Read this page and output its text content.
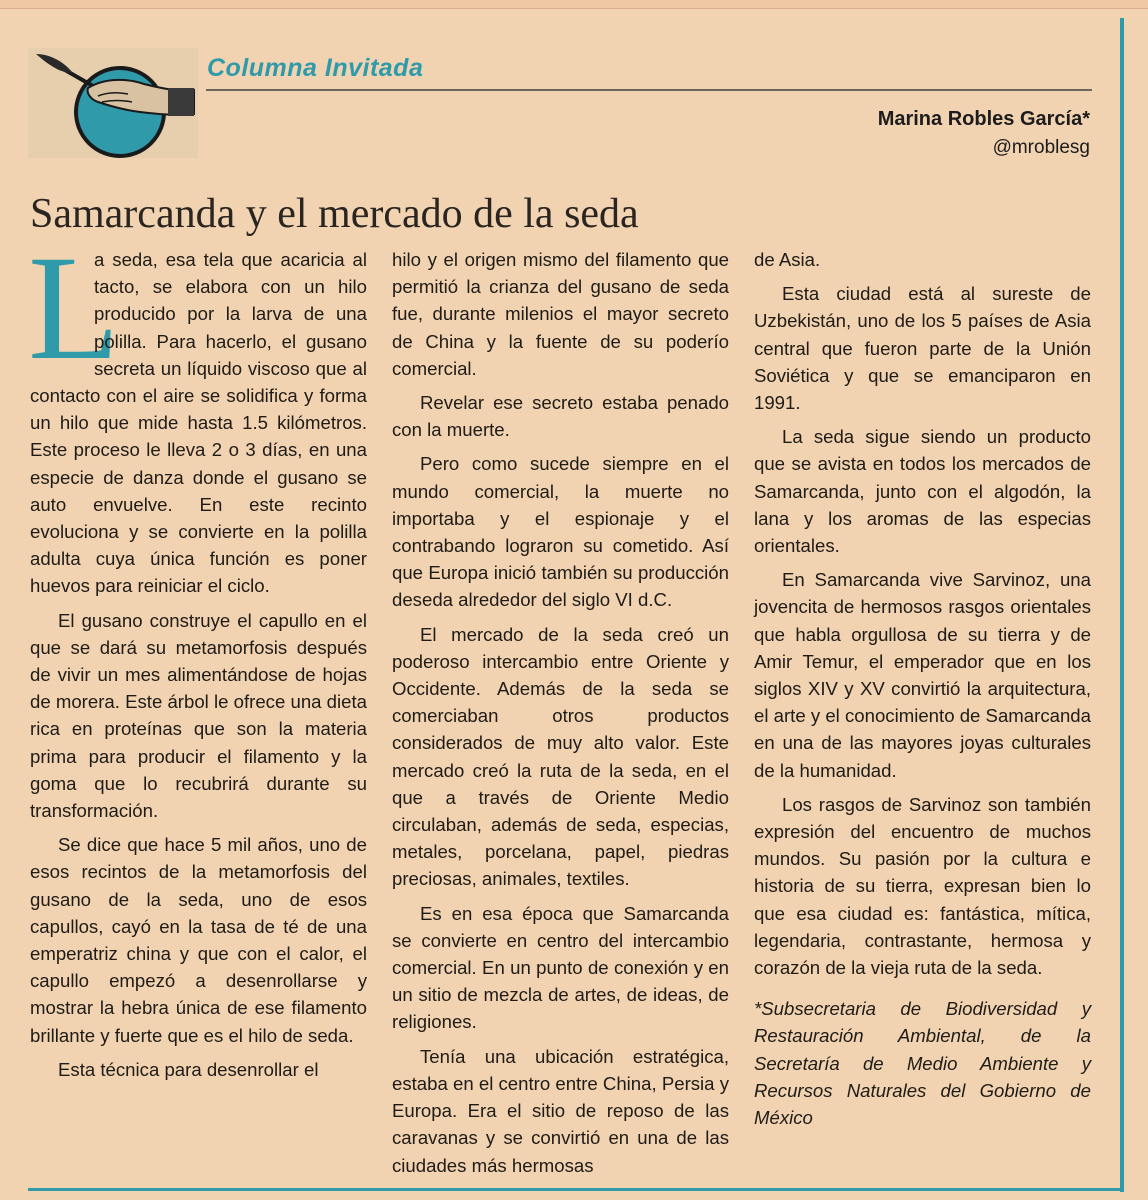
Columna Invitada

Marina Robles García*

@mroblesg

Samarcanda y el mercado de la seda

L
a seda, esa tela que acaricia al tacto, se elabora con un hilo producido por la larva de una polilla. Para hacerlo, el gusano secreta un líquido viscoso que al contacto con el aire se solidifica y forma un hilo que mide hasta 1.5 kilómetros. Este proceso le lleva 2 o 3 días, en una especie de danza donde el gusano se auto envuelve. En este recinto evoluciona y se convierte en la polilla adulta cuya única función es poner huevos para reiniciar el ciclo.

El gusano construye el capullo en el que se dará su metamorfosis después de vivir un mes alimentándose de hojas de morera. Este árbol le ofrece una dieta rica en proteínas que son la materia prima para producir el filamento y la goma que lo recubrirá durante su transformación.

Se dice que hace 5 mil años, uno de esos recintos de la metamorfosis del gusano de la seda, uno de esos capullos, cayó en la tasa de té de una emperatriz china y que con el calor, el capullo empezó a desenrollarse y mostrar la hebra única de ese filamento brillante y fuerte que es el hilo de seda.

Esta técnica para desenrollar el

hilo y el origen mismo del filamento que permitió la crianza del gusano de seda fue, durante milenios el mayor secreto de China y la fuente de su poderío comercial.

Revelar ese secreto estaba penado con la muerte.

Pero como sucede siempre en el mundo comercial, la muerte no importaba y el espionaje y el contrabando lograron su cometido. Así que Europa inició también su producción deseda alrededor del siglo VI d.C.

El mercado de la seda creó un poderoso intercambio entre Oriente y Occidente. Además de la seda se comerciaban otros productos considerados de muy alto valor. Este mercado creó la ruta de la seda, en el que a través de Oriente Medio circulaban, además de seda, especias, metales, porcelana, papel, piedras preciosas, animales, textiles.

Es en esa época que Samarcanda se convierte en centro del intercambio comercial. En un punto de conexión y en un sitio de mezcla de artes, de ideas, de religiones.

Tenía una ubicación estratégica, estaba en el centro entre China, Persia y Europa. Era el sitio de reposo de las caravanas y se convirtió en una de las ciudades más hermosas

de Asia.

Esta ciudad está al sureste de Uzbekistán, uno de los 5 países de Asia central que fueron parte de la Unión Soviética y que se emanciparon en 1991.

La seda sigue siendo un producto que se avista en todos los mercados de Samarcanda, junto con el algodón, la lana y los aromas de las especias orientales.

En Samarcanda vive Sarvinoz, una jovencita de hermosos rasgos orientales que habla orgullosa de su tierra y de Amir Temur, el emperador que en los siglos XIV y XV convirtió la arquitectura, el arte y el conocimiento de Samarcanda en una de las mayores joyas culturales de la humanidad.

Los rasgos de Sarvinoz son también expresión del encuentro de muchos mundos. Su pasión por la cultura e historia de su tierra, expresan bien lo que esa ciudad es: fantástica, mítica, legendaria, contrastante, hermosa y corazón de la vieja ruta de la seda.

*Subsecretaria de Biodiversidad y Restauración Ambiental, de la Secretaría de Medio Ambiente y Recursos Naturales del Gobierno de México
